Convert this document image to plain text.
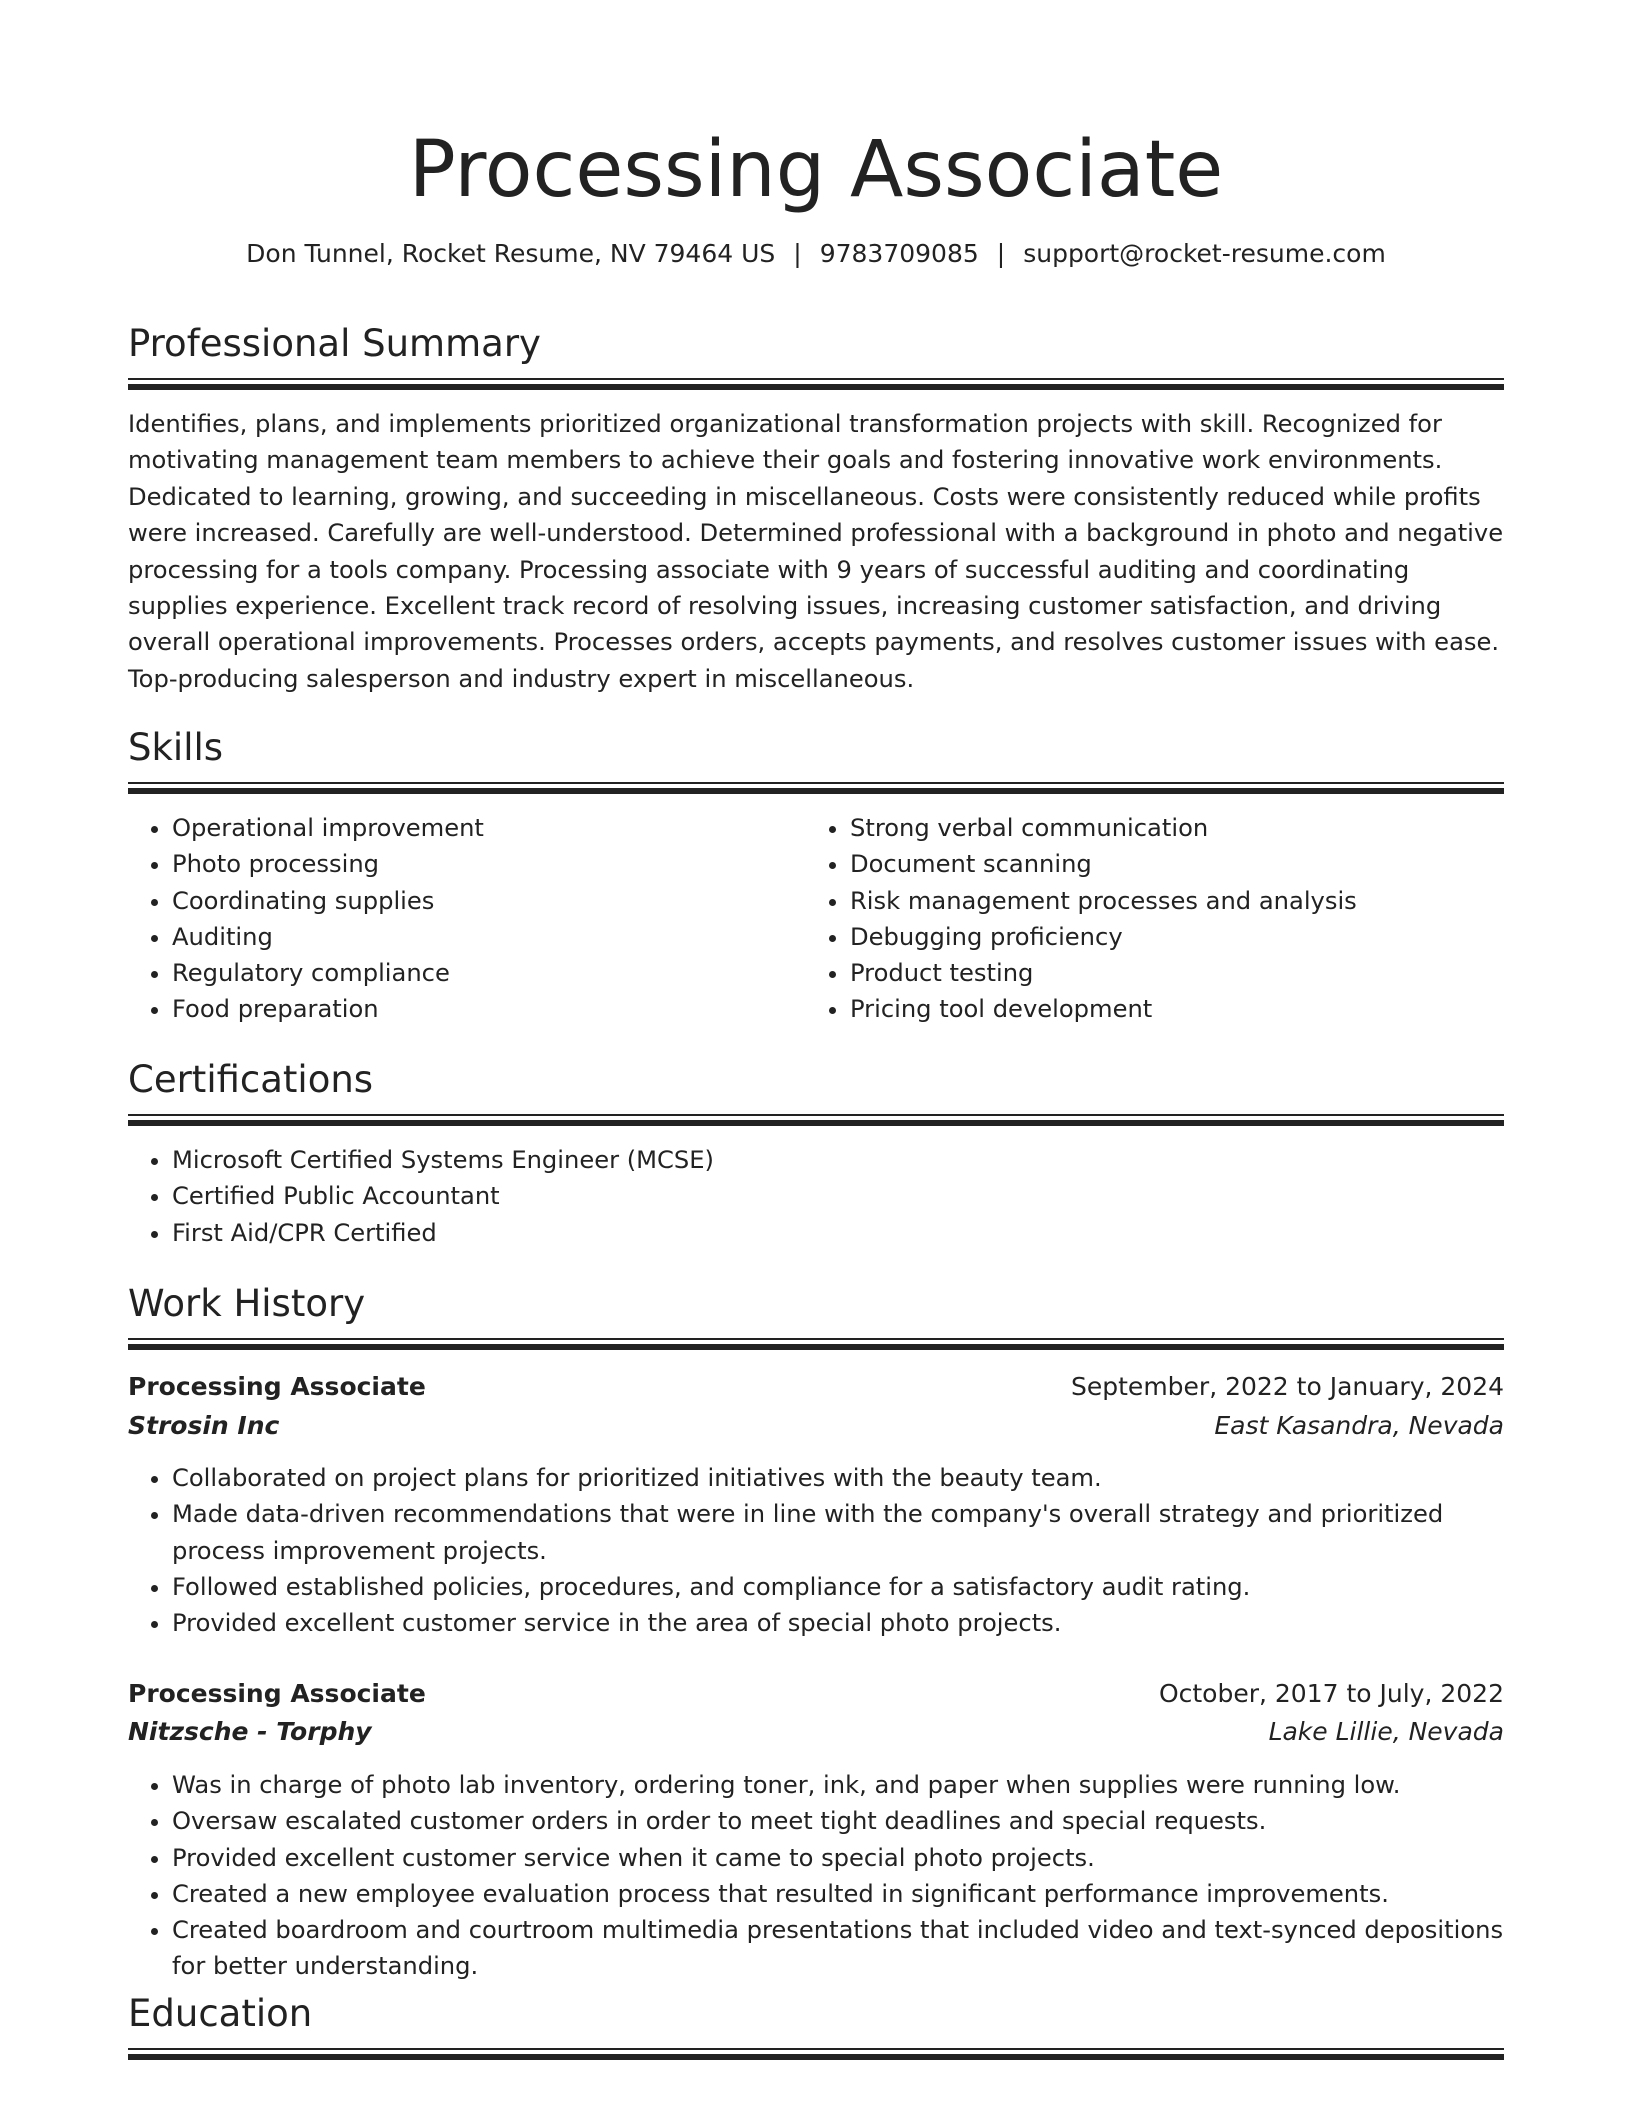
Processing Associate
Don Tunnel, Rocket Resume, NV 79464 US | 9783709085 | support@rocket-resume.com
Professional Summary

Identifies, plans, and implements prioritized organizational transformation projects with skill. Recognized for motivating management team members to achieve their goals and fostering innovative work environments. Dedicated to learning, growing, and succeeding in miscellaneous. Costs were consistently reduced while profits were increased. Carefully are well-understood. Determined professional with a background in photo and negative processing for a tools company. Processing associate with 9 years of successful auditing and coordinating supplies experience. Excellent track record of resolving issues, increasing customer satisfaction, and driving overall operational improvements. Processes orders, accepts payments, and resolves customer issues with ease. Top-producing salesperson and industry expert in miscellaneous.

Skills
• Operational improvement
• Photo processing
• Coordinating supplies
• Auditing
• Regulatory compliance
• Food preparation
• Strong verbal communication
• Document scanning
• Risk management processes and analysis
• Debugging proficiency
• Product testing
• Pricing tool development
Certifications
• Microsoft Certified Systems Engineer (MCSE)
• Certified Public Accountant
• First Aid/CPR Certified
Work History
Processing Associate	September, 2022 to January, 2024
Strosin Inc	East Kasandra, Nevada
• Collaborated on project plans for prioritized initiatives with the beauty team.
• Made data-driven recommendations that were in line with the company's overall strategy and prioritized process improvement projects.
• Followed established policies, procedures, and compliance for a satisfactory audit rating.
• Provided excellent customer service in the area of special photo projects.
Processing Associate	October, 2017 to July, 2022
Nitzsche - Torphy	Lake Lillie, Nevada
• Was in charge of photo lab inventory, ordering toner, ink, and paper when supplies were running low.
• Oversaw escalated customer orders in order to meet tight deadlines and special requests.
• Provided excellent customer service when it came to special photo projects.
• Created a new employee evaluation process that resulted in significant performance improvements.
• Created boardroom and courtroom multimedia presentations that included video and text-synced depositions for better understanding.
Education
